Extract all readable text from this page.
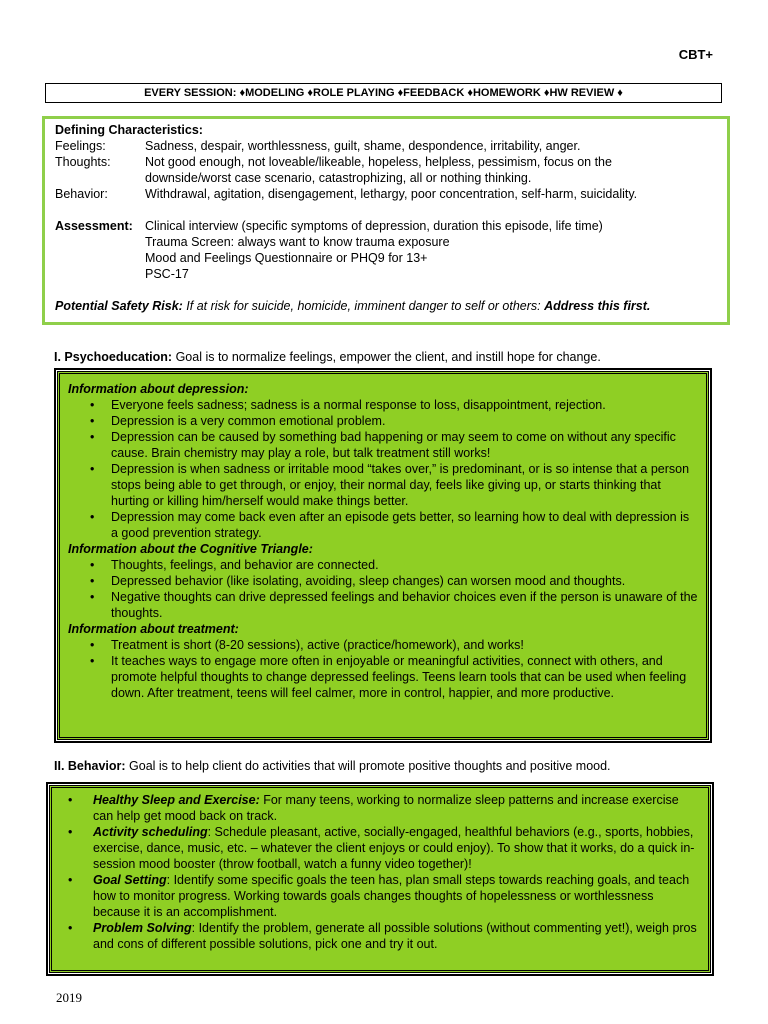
CBT+
EVERY SESSION: ♦MODELING ♦ROLE PLAYING ♦FEEDBACK ♦HOMEWORK ♦HW REVIEW ♦
Defining Characteristics:
Feelings:	Sadness, despair, worthlessness, guilt, shame, despondence, irritability, anger.
Thoughts:	Not good enough, not loveable/likeable, hopeless, helpless, pessimism, focus on the
downside/worst case scenario, catastrophizing, all or nothing thinking.
Behavior:	Withdrawal, agitation, disengagement, lethargy, poor concentration, self-harm, suicidality.
Assessment: Clinical interview (specific symptoms of depression, duration this episode, life time)
Trauma Screen: always want to know trauma exposure
Mood and Feelings Questionnaire or PHQ9 for 13+
PSC-17
Potential Safety Risk: If at risk for suicide, homicide, imminent danger to self or others: Address this first.
I. Psychoeducation: Goal is to normalize feelings, empower the client, and instill hope for change.
Information about depression:
• Everyone feels sadness; sadness is a normal response to loss, disappointment, rejection.
• Depression is a very common emotional problem.
• Depression can be caused by something bad happening or may seem to come on without any specific cause. Brain chemistry may play a role, but talk treatment still works!
• Depression is when sadness or irritable mood “takes over,” is predominant, or is so intense that a person stops being able to get through, or enjoy, their normal day, feels like giving up, or starts thinking that hurting or killing him/herself would make things better.
• Depression may come back even after an episode gets better, so learning how to deal with depression is a good prevention strategy.
Information about the Cognitive Triangle:
• Thoughts, feelings, and behavior are connected.
• Depressed behavior (like isolating, avoiding, sleep changes) can worsen mood and thoughts.
• Negative thoughts can drive depressed feelings and behavior choices even if the person is unaware of the thoughts.
Information about treatment:
• Treatment is short (8-20 sessions), active (practice/homework), and works!
• It teaches ways to engage more often in enjoyable or meaningful activities, connect with others, and promote helpful thoughts to change depressed feelings. Teens learn tools that can be used when feeling down. After treatment, teens will feel calmer, more in control, happier, and more productive.
II. Behavior: Goal is to help client do activities that will promote positive thoughts and positive mood.
• Healthy Sleep and Exercise: For many teens, working to normalize sleep patterns and increase exercise can help get mood back on track.
• Activity scheduling: Schedule pleasant, active, socially-engaged, healthful behaviors (e.g., sports, hobbies, exercise, dance, music, etc. – whatever the client enjoys or could enjoy). To show that it works, do a quick in-session mood booster (throw football, watch a funny video together)!
• Goal Setting: Identify some specific goals the teen has, plan small steps towards reaching goals, and teach how to monitor progress. Working towards goals changes thoughts of hopelessness or worthlessness because it is an accomplishment.
• Problem Solving: Identify the problem, generate all possible solutions (without commenting yet!), weigh pros and cons of different possible solutions, pick one and try it out.
2019
